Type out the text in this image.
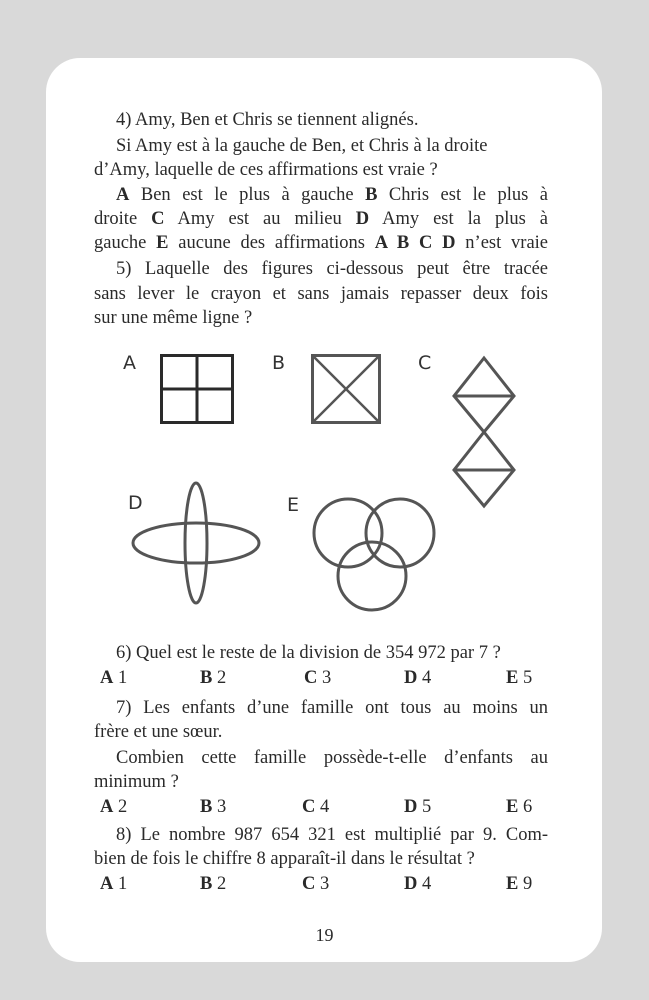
4) Amy, Ben et Chris se tiennent alignés.
Si Amy est à la gauche de Ben, et Chris à la droite
d’Amy, laquelle de ces affirmations est vraie ?
A Ben est le plus à gauche B Chris est le plus à
droite C Amy est au milieu D Amy est la plus à
gauche E aucune des affirmations A B C D n’est vraie
5) Laquelle des figures ci-dessous peut être tracée
sans lever le crayon et sans jamais repasser deux fois
sur une même ligne ?
A	B	C
D	E
6) Quel est le reste de la division de 354 972 par 7 ?
A 1	B 2	C 3	D 4	E 5
7) Les enfants d’une famille ont tous au moins un
frère et une sœur.
Combien cette famille possède-t-elle d’enfants au
minimum ?
A 2	B 3	C 4	D 5	E 6
8) Le nombre 987 654 321 est multiplié par 9. Com-
bien de fois le chiffre 8 apparaît-il dans le résultat ?
A 1	B 2	C 3	D 4	E 9
19
